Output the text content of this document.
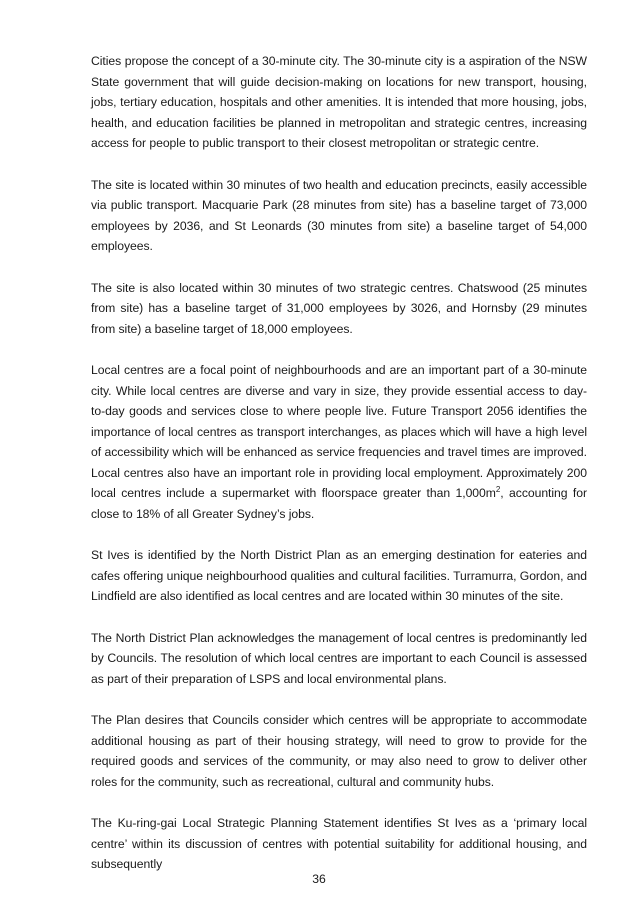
Cities propose the concept of a 30-minute city. The 30-minute city is a aspiration of the NSW State government that will guide decision-making on locations for new transport, housing, jobs, tertiary education, hospitals and other amenities. It is intended that more housing, jobs, health, and education facilities be planned in metropolitan and strategic centres, increasing access for people to public transport to their closest metropolitan or strategic centre.

The site is located within 30 minutes of two health and education precincts, easily accessible via public transport. Macquarie Park (28 minutes from site) has a baseline target of 73,000 employees by 2036, and St Leonards (30 minutes from site) a baseline target of 54,000 employees.

The site is also located within 30 minutes of two strategic centres. Chatswood (25 minutes from site) has a baseline target of 31,000 employees by 3026, and Hornsby (29 minutes from site) a baseline target of 18,000 employees.

Local centres are a focal point of neighbourhoods and are an important part of a 30-minute city. While local centres are diverse and vary in size, they provide essential access to day- to-day goods and services close to where people live. Future Transport 2056 identifies the importance of local centres as transport interchanges, as places which will have a high level of accessibility which will be enhanced as service frequencies and travel times are improved. Local centres also have an important role in providing local employment. Approximately 200 local centres include a supermarket with floorspace greater than $1,000m^2$, accounting for close to 18% of all Greater Sydney’s jobs.

St Ives is identified by the North District Plan as an emerging destination for eateries and cafes offering unique neighbourhood qualities and cultural facilities. Turramurra, Gordon, and Lindfield are also identified as local centres and are located within 30 minutes of the site.

The North District Plan acknowledges the management of local centres is predominantly led by Councils. The resolution of which local centres are important to each Council is assessed as part of their preparation of LSPS and local environmental plans.

The Plan desires that Councils consider which centres will be appropriate to accommodate additional housing as part of their housing strategy, will need to grow to provide for the required goods and services of the community, or may also need to grow to deliver other roles for the community, such as recreational, cultural and community hubs.

The Ku-ring-gai Local Strategic Planning Statement identifies St Ives as a ‘primary local centre’ within its discussion of centres with potential suitability for additional housing, and subsequently

36
